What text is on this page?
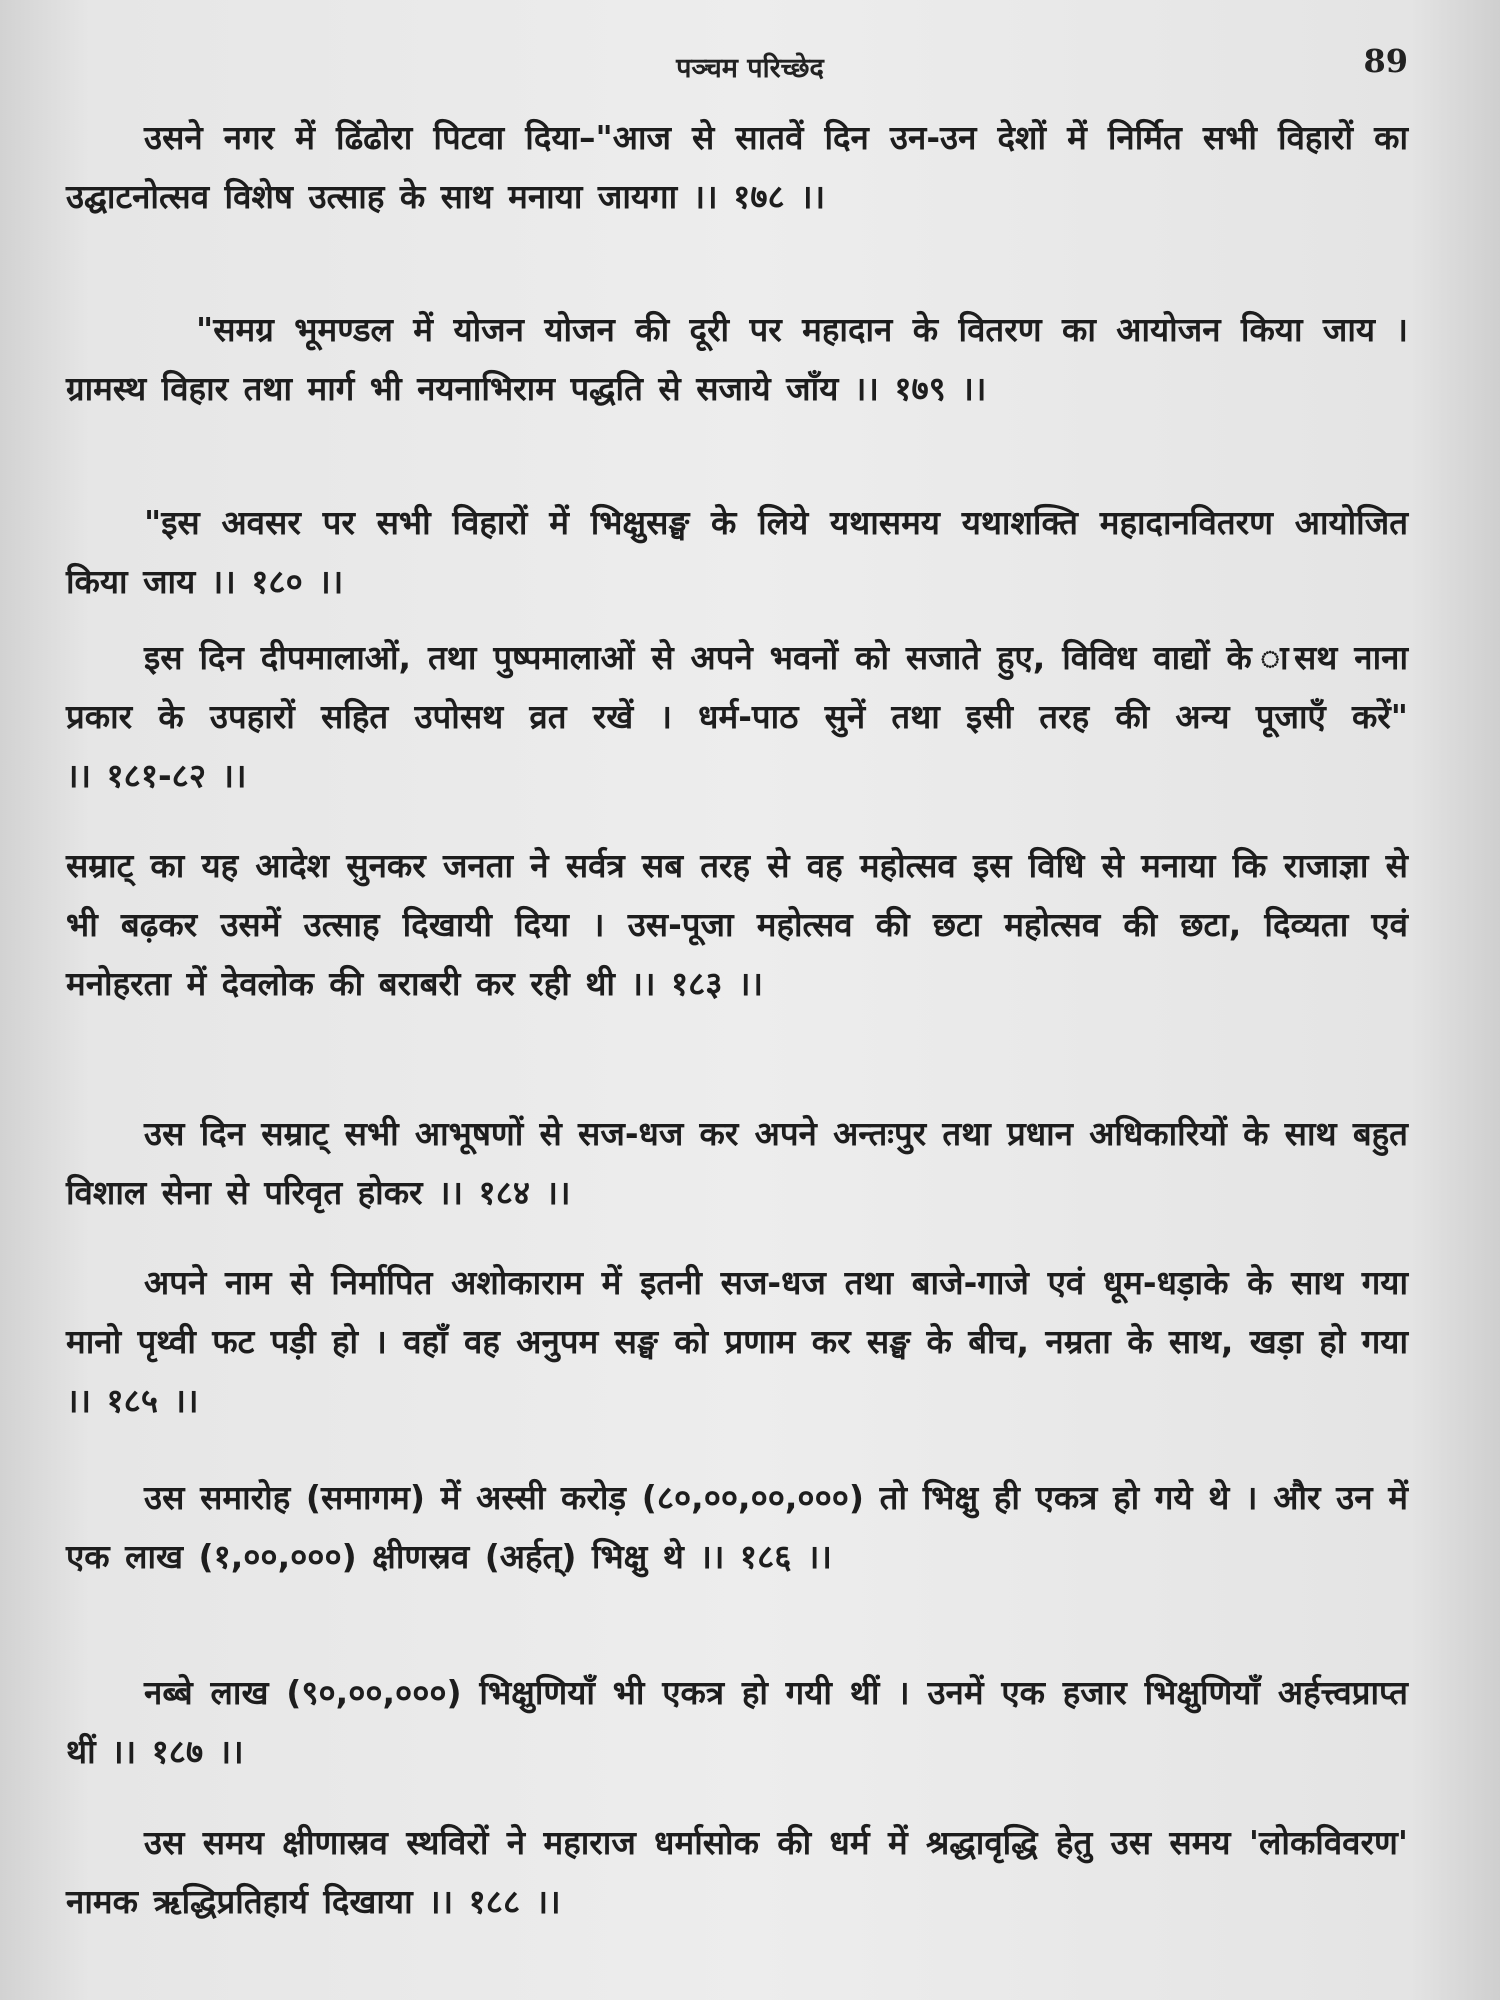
पञ्चम परिच्छेद	89

उसने नगर में ढिंढोरा पिटवा दिया–"आज से सातवें दिन उन-उन देशों में निर्मित सभी विहारों का उद्घाटनोत्सव विशेष उत्साह के साथ मनाया जायगा ।। १७८ ।।

"समग्र भूमण्डल में योजन योजन की दूरी पर महादान के वितरण का आयोजन किया जाय । ग्रामस्थ विहार तथा मार्ग भी नयनाभिराम पद्धति से सजाये जाँय ।। १७९ ।।

"इस अवसर पर सभी विहारों में भिक्षुसङ्घ के लिये यथासमय यथाशक्ति महादानवितरण आयोजित किया जाय ।। १८० ।।

इस दिन दीपमालाओं, तथा पुष्पमालाओं से अपने भवनों को सजाते हुए, विविध वाद्यों के ासथ नाना प्रकार के उपहारों सहित उपोसथ व्रत रखें । धर्म-पाठ सुनें तथा इसी तरह की अन्य पूजाएँ करें" ।। १८१-८२ ।।

सम्राट् का यह आदेश सुनकर जनता ने सर्वत्र सब तरह से वह महोत्सव इस विधि से मनाया कि राजाज्ञा से भी बढ़कर उसमें उत्साह दिखायी दिया । उस-पूजा महोत्सव की छटा महोत्सव की छटा, दिव्यता एवं मनोहरता में देवलोक की बराबरी कर रही थी ।। १८३ ।।

उस दिन सम्राट् सभी आभूषणों से सज-धज कर अपने अन्तःपुर तथा प्रधान अधिकारियों के साथ बहुत विशाल सेना से परिवृत होकर ।। १८४ ।।

अपने नाम से निर्मापित अशोकाराम में इतनी सज-धज तथा बाजे-गाजे एवं धूम-धड़ाके के साथ गया मानो पृथ्वी फट पड़ी हो । वहाँ वह अनुपम सङ्घ को प्रणाम कर सङ्घ के बीच, नम्रता के साथ, खड़ा हो गया ।। १८५ ।।

उस समारोह (समागम) में अस्सी करोड़ (८०,००,००,०००) तो भिक्षु ही एकत्र हो गये थे । और उन में एक लाख (१,००,०००) क्षीणस्रव (अर्हत्) भिक्षु थे ।। १८६ ।।

नब्बे लाख (९०,००,०००) भिक्षुणियाँ भी एकत्र हो गयी थीं । उनमें एक हजार भिक्षुणियाँ अर्हत्त्वप्राप्त थीं ।। १८७ ।।

उस समय क्षीणास्रव स्थविरों ने महाराज धर्मासोक की धर्म में श्रद्धावृद्धि हेतु उस समय 'लोकविवरण' नामक ऋद्धिप्रतिहार्य दिखाया ।। १८८ ।।
